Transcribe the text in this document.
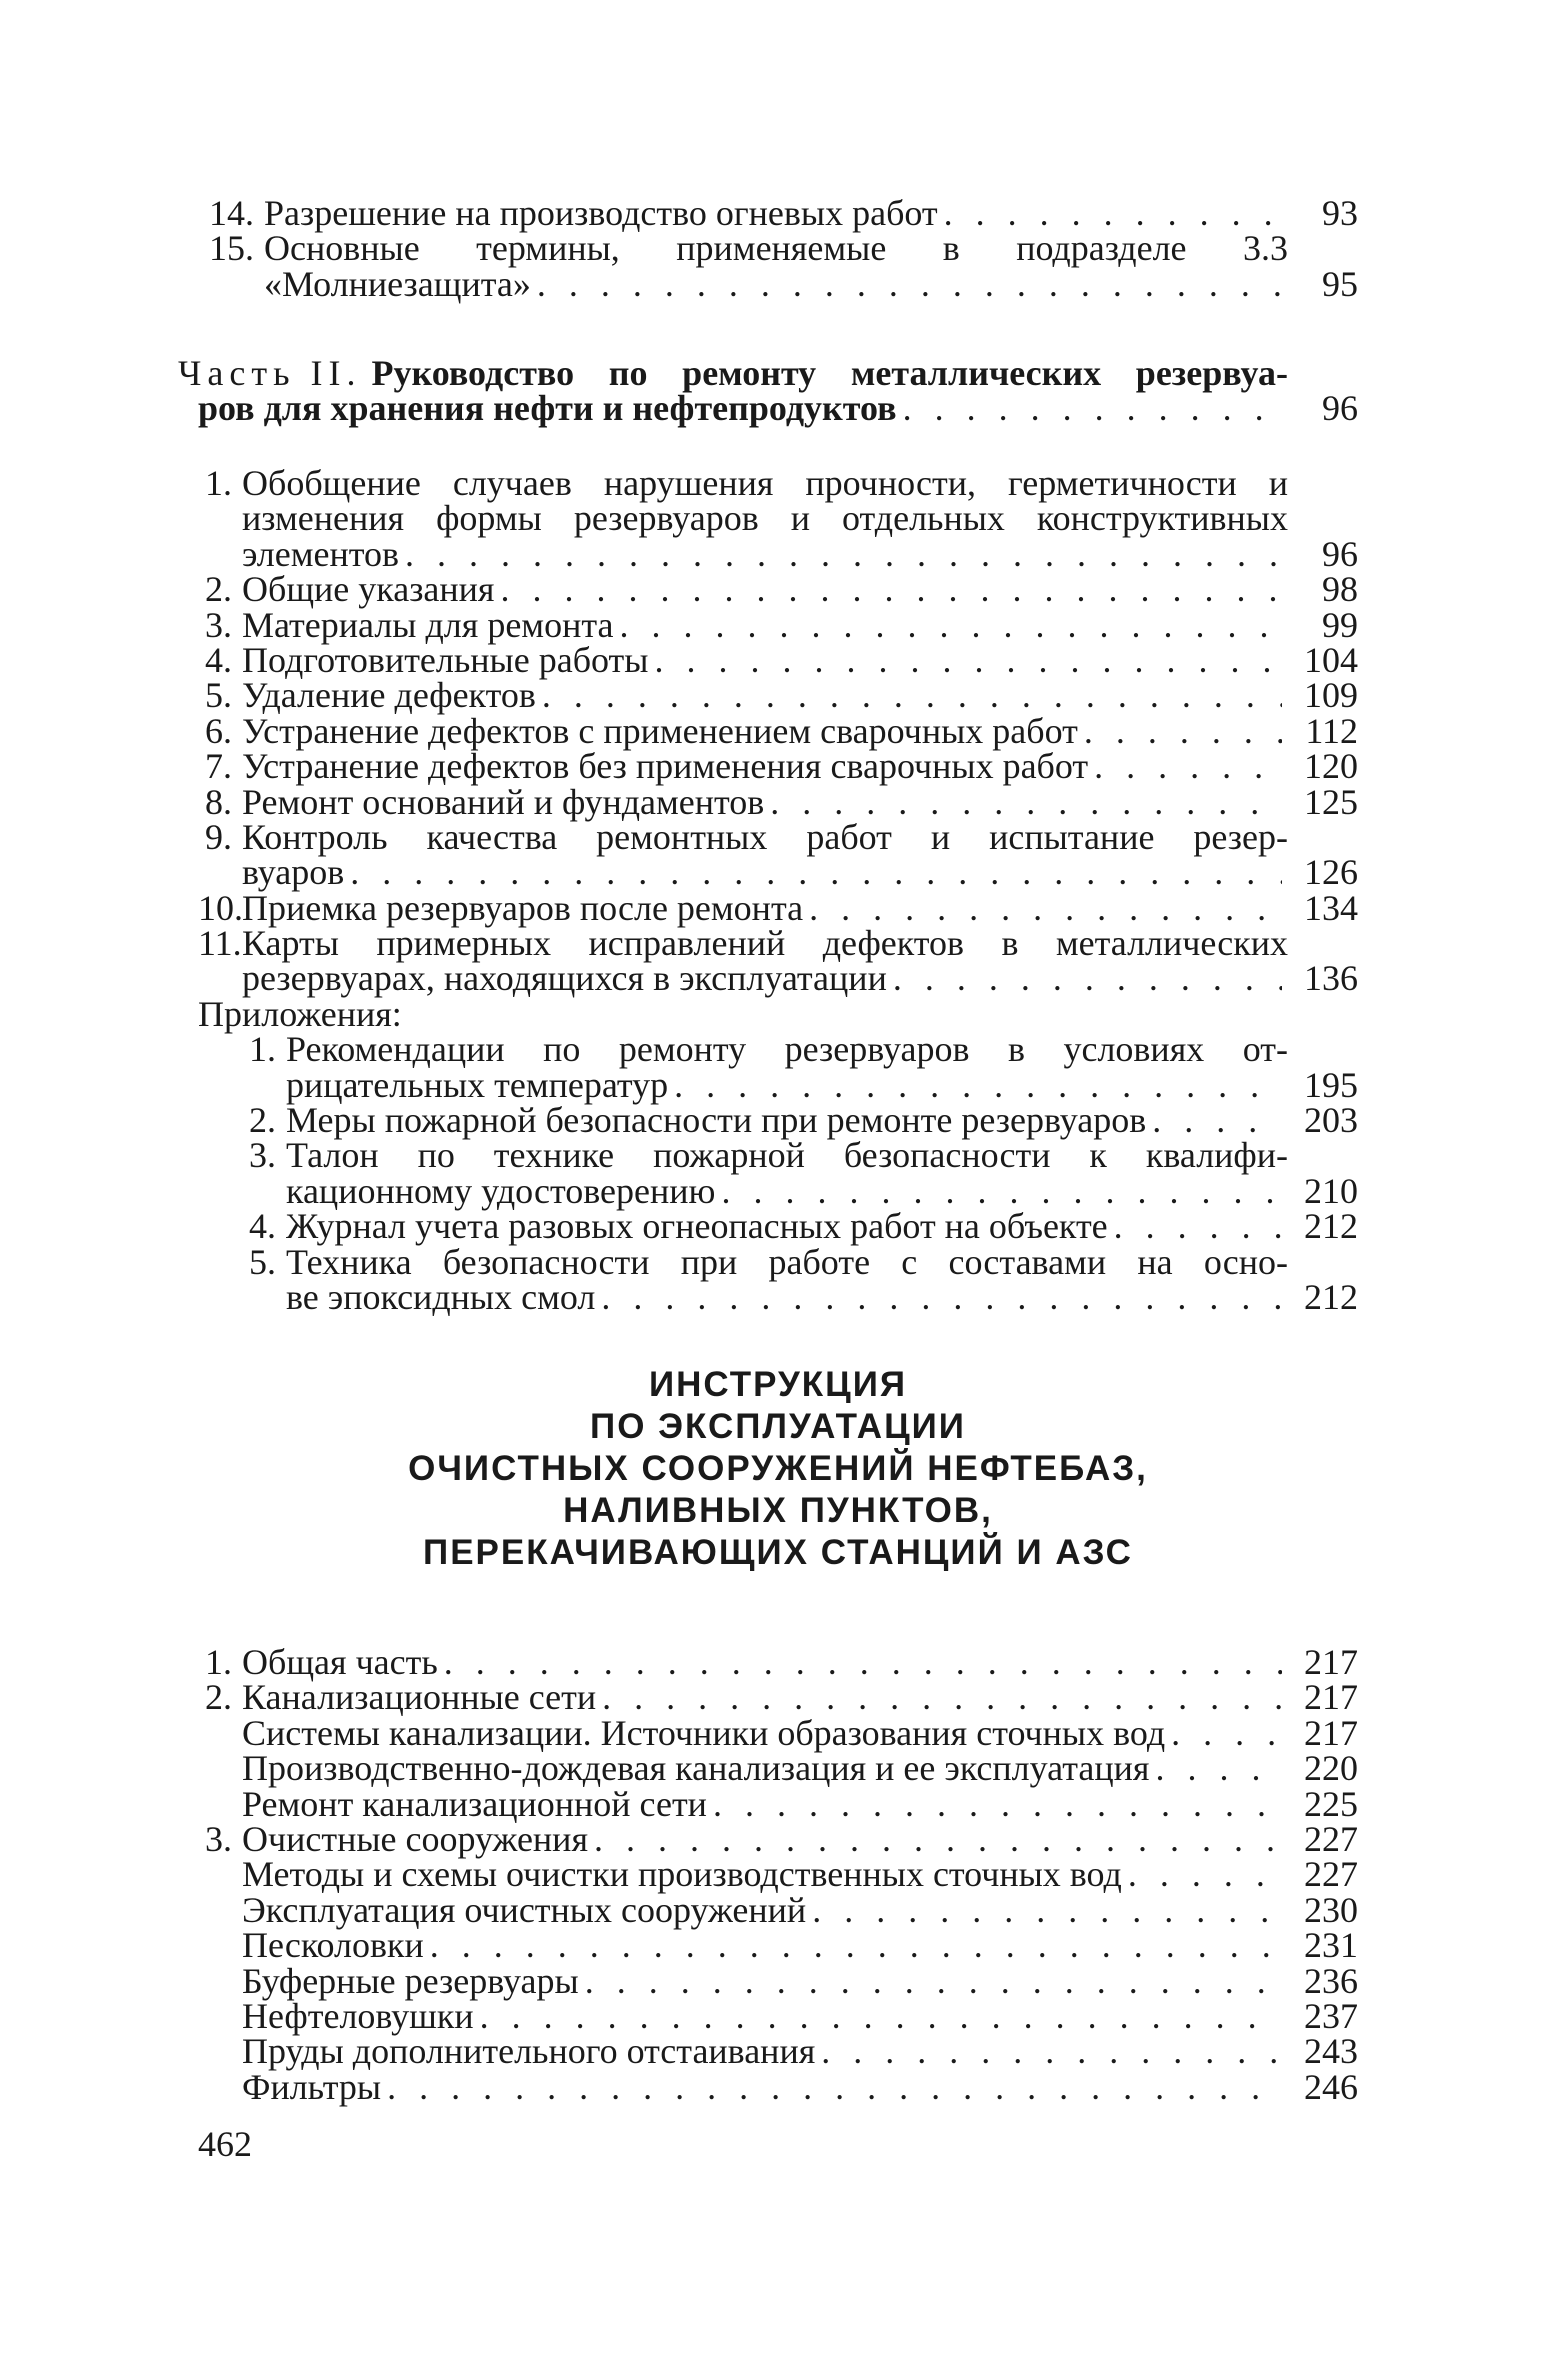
14. Разрешение на производство огневых работ . . .	93
15. Основные термины, применяемые в подразделе 3.3
«Молниезащита» . . .	95
Часть II. Руководство по ремонту металлических резервуа-
ров для хранения нефти и нефтепродуктов . . .	96
1. Обобщение случаев нарушения прочности, герметичности и
изменения формы резервуаров и отдельных конструктивных
элементов . . .	96
2. Общие указания . . .	98
3. Материалы для ремонта . . .	99
4. Подготовительные работы . . .	104
5. Удаление дефектов . . .	109
6. Устранение дефектов с применением сварочных работ . . .	112
7. Устранение дефектов без применения сварочных работ . . .	120
8. Ремонт оснований и фундаментов . . .	125
9. Контроль качества ремонтных работ и испытание резер-
вуаров . . .	126
10. Приемка резервуаров после ремонта . . .	134
11. Карты примерных исправлений дефектов в металлических
резервуарах, находящихся в эксплуатации . . .	136
Приложения:
1. Рекомендации по ремонту резервуаров в условиях от-
рицательных температур . . .	195
2. Меры пожарной безопасности при ремонте резервуаров . . .	203
3. Талон по технике пожарной безопасности к квалифи-
кационному удостоверению . . .	210
4. Журнал учета разовых огнеопасных работ на объекте . . .	212
5. Техника безопасности при работе с составами на осно-
ве эпоксидных смол . . .	212
ИНСТРУКЦИЯ
ПО ЭКСПЛУАТАЦИИ
ОЧИСТНЫХ СООРУЖЕНИЙ НЕФТЕБАЗ,
НАЛИВНЫХ ПУНКТОВ,
ПЕРЕКАЧИВАЮЩИХ СТАНЦИЙ И АЗС
1. Общая часть . . .	217
2. Канализационные сети . . .	217
Системы канализации. Источники образования сточных вод . . .	217
Производственно-дождевая канализация и ее эксплуатация . . .	220
Ремонт канализационной сети . . .	225
3. Очистные сооружения . . .	227
Методы и схемы очистки производственных сточных вод . . .	227
Эксплуатация очистных сооружений . . .	230
Песколовки . . .	231
Буферные резервуары . . .	236
Нефтеловушки . . .	237
Пруды дополнительного отстаивания . . .	243
Фильтры . . .	246
462
